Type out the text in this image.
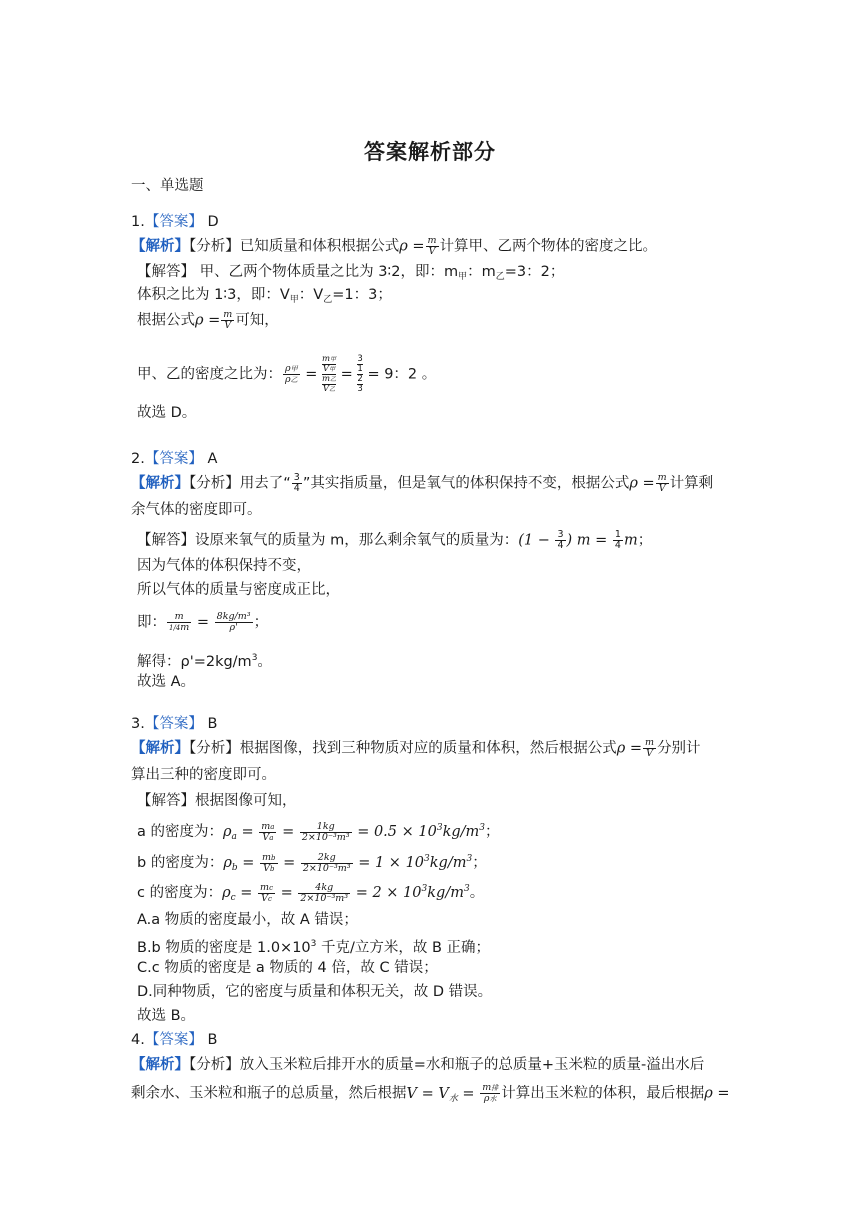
答案解析部分
一、单选题
1.【答案】 D
【解析】【分析】已知质量和体积根据公式$\rho = \frac{m}{V}$ 计算甲、乙两个物体的密度之比。
【解答】 甲、乙两个物体质量之比为 3∶2，即：$m_甲$：$m_乙=3$：2；
体积之比为 1∶3，即：$V_甲$：$V_乙=1$：3；
根据公式$\rho = \frac{m}{V}$ 可知，
甲、乙的密度之比为： $\frac{\text{ρ甲}}{\text{ρ乙}}$ =
m甲
V甲
m乙
V乙
= 3
1
2
3 = 9：2 。
故选 D。
2.【答案】 A
【解析】【分析】用去了“ $\frac{3}{4}$ ”其实指质量，但是氧气的体积保持不变，根据公式$\rho = \frac{m}{V}$ 计算剩
余气体的密度即可。
【解答】设原来氧气的质量为 m，那么剩余氧气的质量为：($1 - \frac{3}{4}$ ) $m = \frac{1}{4}$ m；
因为气体的体积保持不变，
所以气体的质量与密度成正比，
即： $\frac{m}{1/4m} = \frac{\text{8kg/m³}}{\rho'}$ ；
解得：$\rho'=2kg/m^3$。
故选 A。
3.【答案】 B
【解析】【分析】根据图像，找到三种物质对应的质量和体积，然后根据公式$\rho = \frac{m}{V}$ 分别计
算出三种的密度即可。
【解答】根据图像可知，
a 的密度为：$\rho_a = \frac{ma}{Va} = \frac{1kg}{\text{2×10⁻³m³}} = 0.5 \times 10^3kg/m^3$；
b 的密度为：$\rho_b = \frac{mb}{Vb} = \frac{2kg}{\text{2×10⁻³m³}} = 1 \times 10^3kg/m^3$；
c 的密度为：$\rho_c = \frac{mc}{Vc} = \frac{4kg}{\text{2×10⁻³m³}} = 2 \times 10^3kg/m^3$。
A.a 物质的密度最小，故 A 错误；
B.b 物质的密度是 $1.0\times 10^3$ 千克/立方米，故 B 正确；
C.c 物质的密度是 a 物质的 4 倍，故 C 错误；
D.同种物质，它的密度与质量和体积无关，故 D 错误。
故选 B。
4.【答案】 B
【解析】【分析】放入玉米粒后排开水的质量=水和瓶子的总质量+玉米粒的质量-溢出水后
剩余水、玉米粒和瓶子的总质量，然后根据$V = V_水 = \frac{\text{m排}}{\text{ρ水}}$ 计算出玉米粒的体积，最后根据ρ =
